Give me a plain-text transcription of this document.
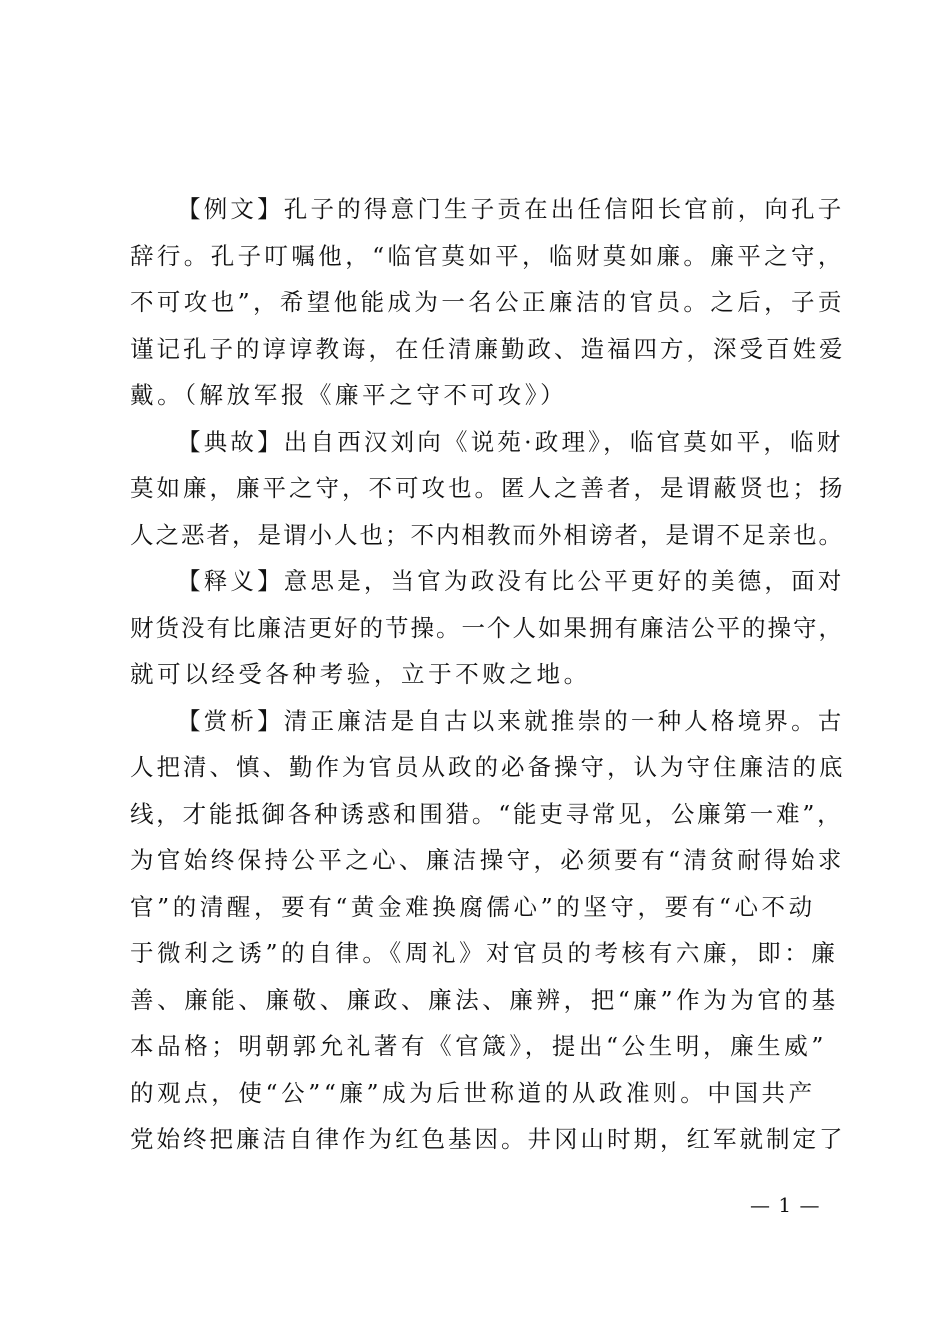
【例文】孔子的得意门生子贡在出任信阳长官前，向孔子
辞行。孔子叮嘱他，“临官莫如平，临财莫如廉。廉平之守，
不可攻也”，希望他能成为一名公正廉洁的官员。之后，子贡
谨记孔子的谆谆教诲，在任清廉勤政、造福四方，深受百姓爱
戴。（解放军报《廉平之守不可攻》）

【典故】出自西汉刘向《说苑·政理》，临官莫如平，临财
莫如廉，廉平之守，不可攻也。匿人之善者，是谓蔽贤也；扬
人之恶者，是谓小人也；不内相教而外相谤者，是谓不足亲也。

【释义】意思是，当官为政没有比公平更好的美德，面对
财货没有比廉洁更好的节操。一个人如果拥有廉洁公平的操守，
就可以经受各种考验，立于不败之地。

【赏析】清正廉洁是自古以来就推崇的一种人格境界。古
人把清、慎、勤作为官员从政的必备操守，认为守住廉洁的底
线，才能抵御各种诱惑和围猎。“能吏寻常见，公廉第一难”，
为官始终保持公平之心、廉洁操守，必须要有“清贫耐得始求
官”的清醒，要有“黄金难换腐儒心”的坚守，要有“心不动
于微利之诱”的自律。《周礼》对官员的考核有六廉，即：廉
善、廉能、廉敬、廉政、廉法、廉辨，把“廉”作为为官的基
本品格；明朝郭允礼著有《官箴》，提出“公生明，廉生威”
的观点，使“公”“廉”成为后世称道的从政准则。中国共产
党始终把廉洁自律作为红色基因。井冈山时期，红军就制定了

— 1 —
